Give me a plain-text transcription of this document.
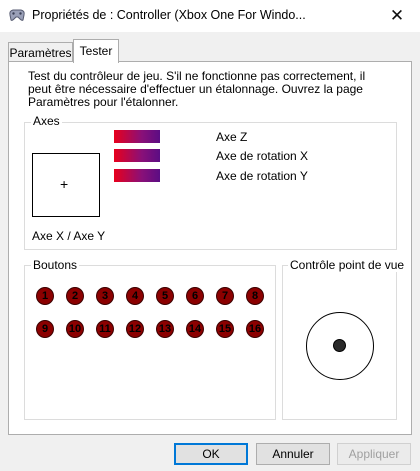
Propriétés de : Controller (Xbox One For Windo...	✕
Paramètres Tester
Test du contrôleur de jeu. S'il ne fonctionne pas correctement, il peut être nécessaire d'effectuer un étalonnage. Ouvrez la page Paramètres pour l'étalonner.
Axes
+
Axe X / Axe Y
Axe Z
Axe de rotation X
Axe de rotation Y
Boutons
1	2	3	4	5	6	7	8
9	10 11 12 13 14 15 16
Contrôle point de vue
OK	Annuler	Appliquer
